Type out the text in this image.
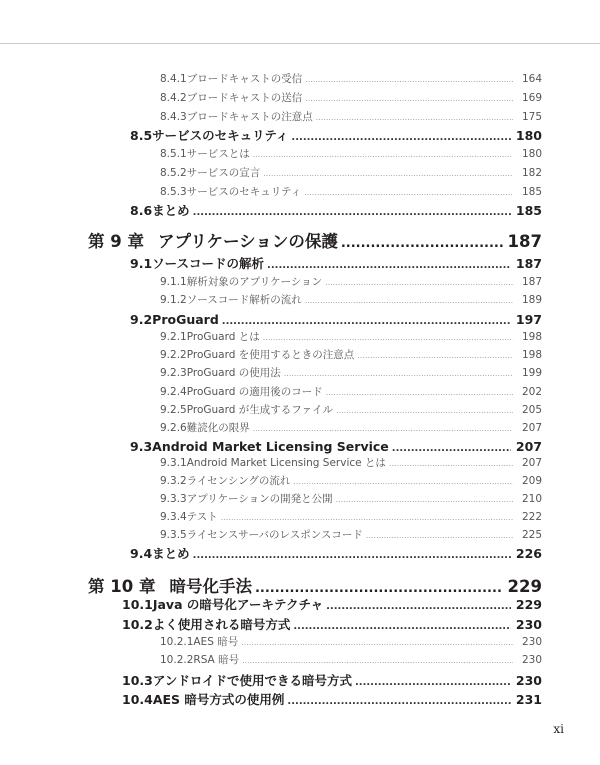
8.4.1 ブロードキャストの受信 .....	164
8.4.2 ブロードキャストの送信 .....	169
8.4.3 ブロードキャストの注意点 .....	175
8.5 サービスのセキュリティ .....	180
8.5.1 サービスとは .....	180
8.5.2 サービスの宣言 .....	182
8.5.3 サービスのセキュリティ .....	185
8.6 まとめ .....	185
第 9 章 アプリケーションの保護 .....	187
9.1 ソースコードの解析 .....	187
9.1.1 解析対象のアプリケーション .....	187
9.1.2 ソースコード解析の流れ .....	189
9.2 ProGuard .....	197
9.2.1 ProGuard とは .....	198
9.2.2 ProGuard を使用するときの注意点 .....	198
9.2.3 ProGuard の使用法 .....	199
9.2.4 ProGuard の適用後のコード .....	202
9.2.5 ProGuard が生成するファイル .....	205
9.2.6 難読化の限界 .....	207
9.3 Android Market Licensing Service .....	207
9.3.1 Android Market Licensing Service とは .....	207
9.3.2 ライセンシングの流れ .....	209
9.3.3 アプリケーションの開発と公開 .....	210
9.3.4 テスト .....	222
9.3.5 ライセンスサーバのレスポンスコード .....	225
9.4 まとめ .....	226
第 10 章 暗号化手法 .....	229
10.1 Java の暗号化アーキテクチャ .....	229
10.2 よく使用される暗号方式 .....	230
10.2.1 AES 暗号 .....	230
10.2.2 RSA 暗号 .....	230
10.3 アンドロイドで使用できる暗号方式 .....	230
10.4 AES 暗号方式の使用例 .....	231
xi
